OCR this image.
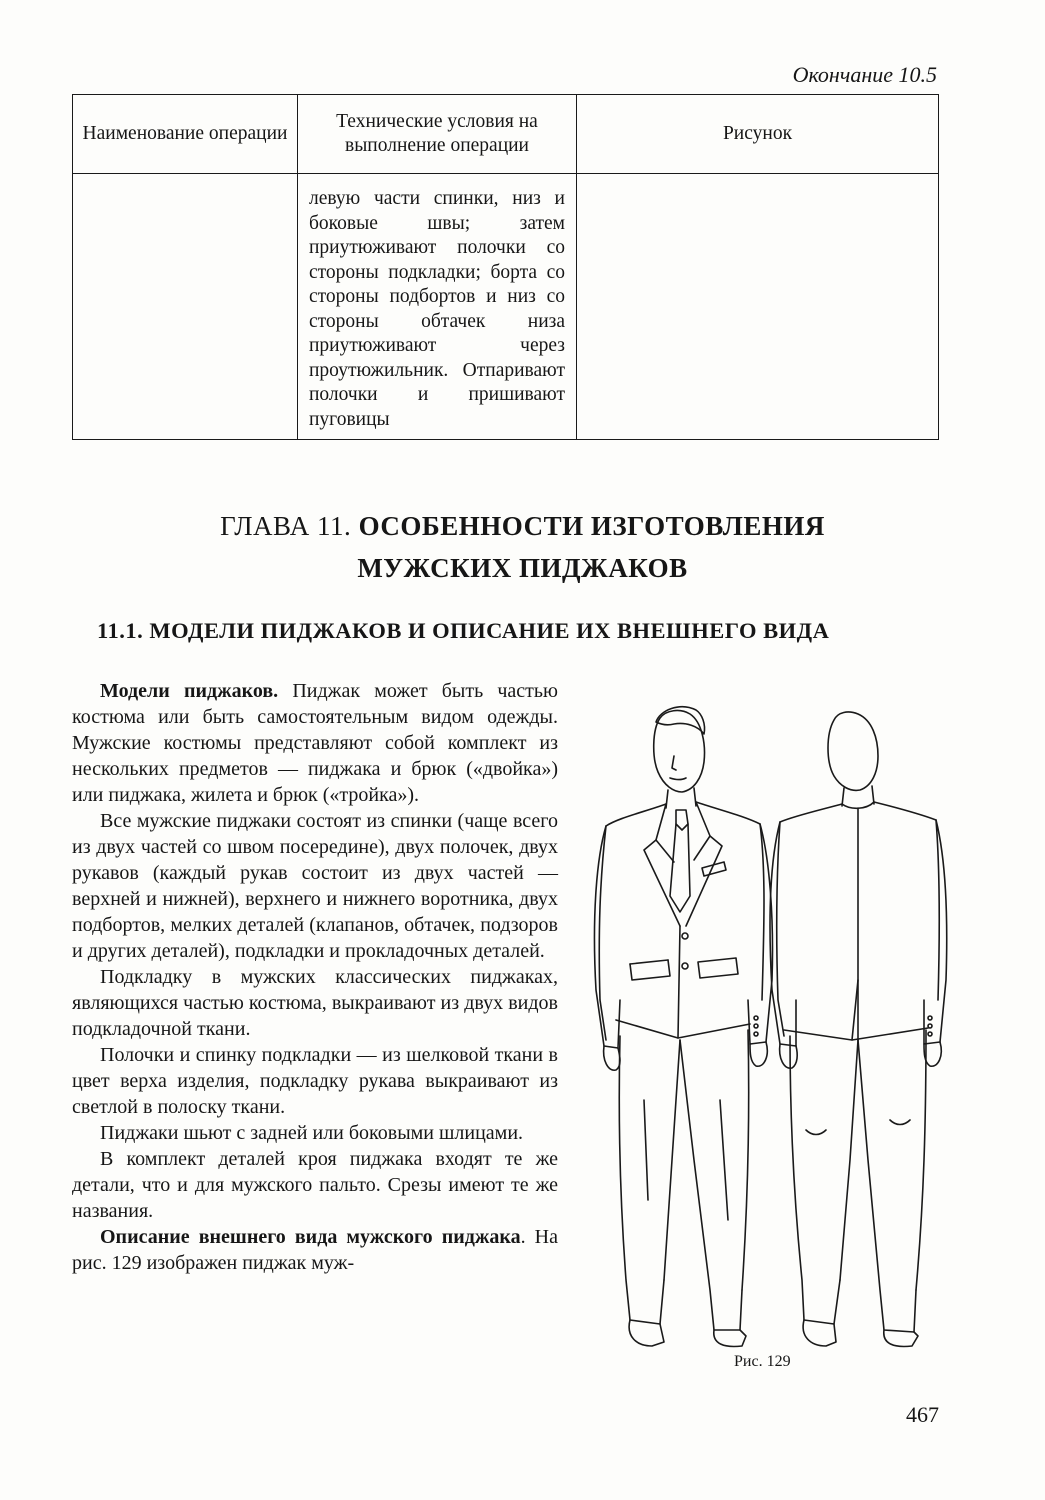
Окончание 10.5
Наименование операции	Технические условия на выполнение операции	Рисунок

	левую части спинки, низ и боковые швы; затем приутюживают полочки со стороны подкладки; борта со стороны подбортов и низ со стороны обтачек низа приутюживают через проутюжильник. Отпаривают полочки и пришивают пуговицы	

ГЛАВА 11. ОСОБЕННОСТИ ИЗГОТОВЛЕНИЯ
МУЖСКИХ ПИДЖАКОВ
11.1. МОДЕЛИ ПИДЖАКОВ И ОПИСАНИЕ ИХ ВНЕШНЕГО ВИДА

Модели пиджаков. Пиджак может быть частью костюма или быть самостоятельным видом одежды. Мужские костюмы представляют собой комплект из нескольких предметов — пиджака и брюк («двойка») или пиджака, жилета и брюк («тройка»).

Все мужские пиджаки состоят из спинки (чаще всего из двух частей со швом посередине), двух полочек, двух рукавов (каждый рукав состоит из двух частей — верхней и нижней), верхнего и нижнего воротника, двух подбортов, мелких деталей (клапанов, обтачек, подзоров и других деталей), подкладки и прокладочных деталей.

Подкладку в мужских классических пиджаках, являющихся частью костюма, выкраивают из двух видов подкладочной ткани.

Полочки и спинку подкладки — из шелковой ткани в цвет верха изделия, подкладку рукава выкраивают из светлой в полоску ткани.

Пиджаки шьют с задней или боковыми шлицами.

В комплект деталей кроя пиджака входят те же детали, что и для мужского пальто. Срезы имеют те же названия.

Описание внешнего вида мужского пиджака. На рис. 129 изображен пиджак муж-

Рис. 129
467
